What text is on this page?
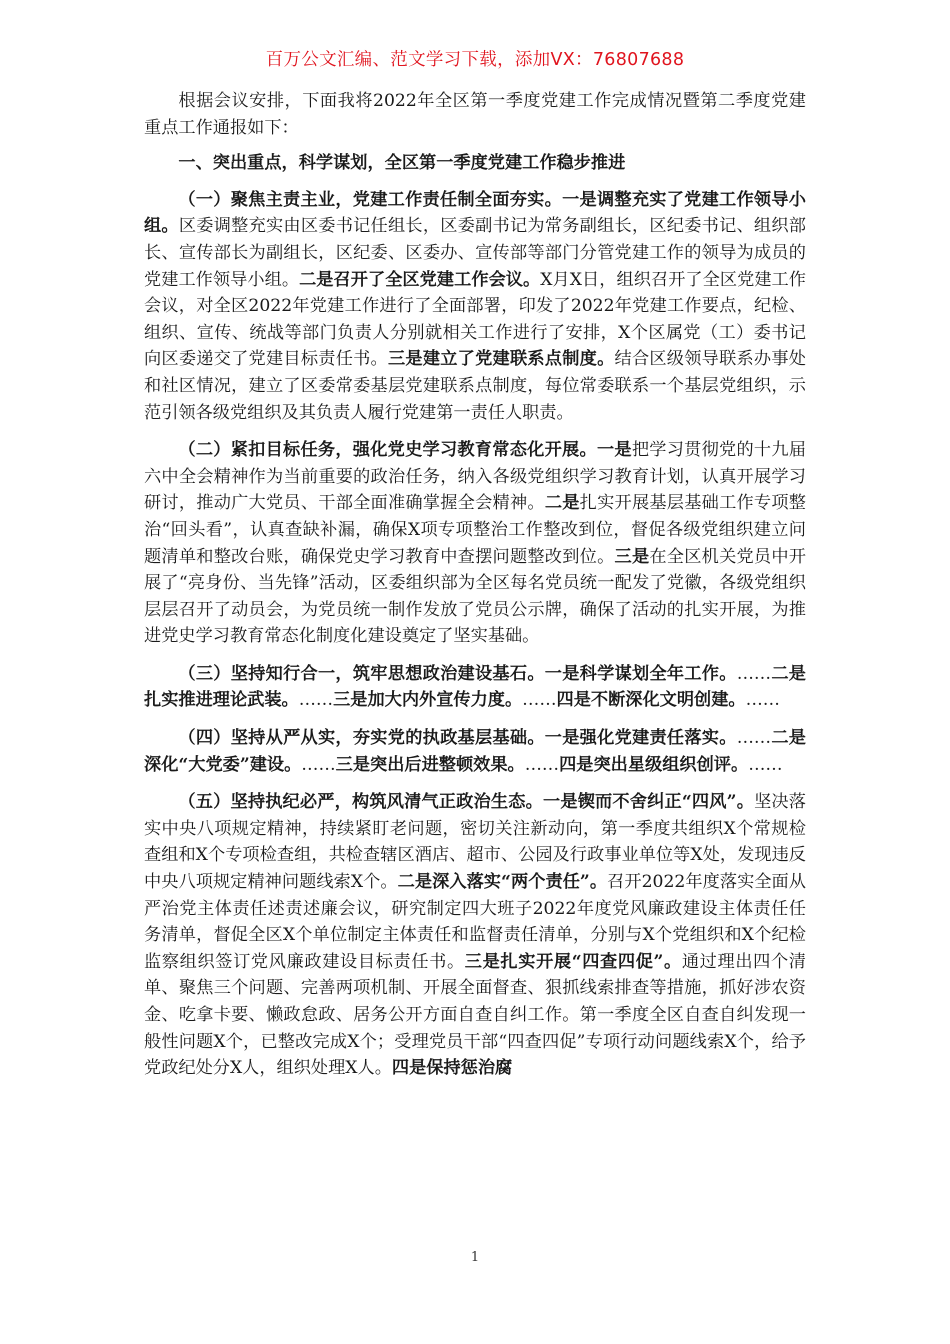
百万公文汇编、范文学习下载，添加VX：76807688

根据会议安排，下面我将2022年全区第一季度党建工作完成情况暨第二季度党建重点工作通报如下：

一、突出重点，科学谋划，全区第一季度党建工作稳步推进

（一）聚焦主责主业，党建工作责任制全面夯实。一是调整充实了党建工作领导小组。区委调整充实由区委书记任组长，区委副书记为常务副组长，区纪委书记、组织部长、宣传部长为副组长，区纪委、区委办、宣传部等部门分管党建工作的领导为成员的党建工作领导小组。二是召开了全区党建工作会议。X月X日，组织召开了全区党建工作会议，对全区2022年党建工作进行了全面部署，印发了2022年党建工作要点，纪检、组织、宣传、统战等部门负责人分别就相关工作进行了安排，X个区属党（工）委书记向区委递交了党建目标责任书。三是建立了党建联系点制度。结合区级领导联系办事处和社区情况，建立了区委常委基层党建联系点制度，每位常委联系一个基层党组织，示范引领各级党组织及其负责人履行党建第一责任人职责。

（二）紧扣目标任务，强化党史学习教育常态化开展。一是把学习贯彻党的十九届六中全会精神作为当前重要的政治任务，纳入各级党组织学习教育计划，认真开展学习研讨，推动广大党员、干部全面准确掌握全会精神。二是扎实开展基层基础工作专项整治“回头看”，认真查缺补漏，确保X项专项整治工作整改到位，督促各级党组织建立问题清单和整改台账，确保党史学习教育中查摆问题整改到位。三是在全区机关党员中开展了“亮身份、当先锋”活动，区委组织部为全区每名党员统一配发了党徽，各级党组织层层召开了动员会，为党员统一制作发放了党员公示牌，确保了活动的扎实开展，为推进党史学习教育常态化制度化建设奠定了坚实基础。

（三）坚持知行合一，筑牢思想政治建设基石。一是科学谋划全年工作。……二是扎实推进理论武装。……三是加大内外宣传力度。……四是不断深化文明创建。……

（四）坚持从严从实，夯实党的执政基层基础。一是强化党建责任落实。……二是深化“大党委”建设。……三是突出后进整顿效果。……四是突出星级组织创评。……

（五）坚持执纪必严，构筑风清气正政治生态。一是锲而不舍纠正“四风”。坚决落实中央八项规定精神，持续紧盯老问题，密切关注新动向，第一季度共组织X个常规检查组和X个专项检查组，共检查辖区酒店、超市、公园及行政事业单位等X处，发现违反中央八项规定精神问题线索X个。二是深入落实“两个责任”。召开2022年度落实全面从严治党主体责任述责述廉会议，研究制定四大班子2022年度党风廉政建设主体责任任务清单，督促全区X个单位制定主体责任和监督责任清单，分别与X个党组织和X个纪检监察组织签订党风廉政建设目标责任书。三是扎实开展“四查四促”。通过理出四个清单、聚焦三个问题、完善两项机制、开展全面督查、狠抓线索排查等措施，抓好涉农资金、吃拿卡要、懒政怠政、居务公开方面自查自纠工作。第一季度全区自查自纠发现一般性问题X个，已整改完成X个；受理党员干部“四查四促”专项行动问题线索X个，给予党政纪处分X人，组织处理X人。四是保持惩治腐

1
